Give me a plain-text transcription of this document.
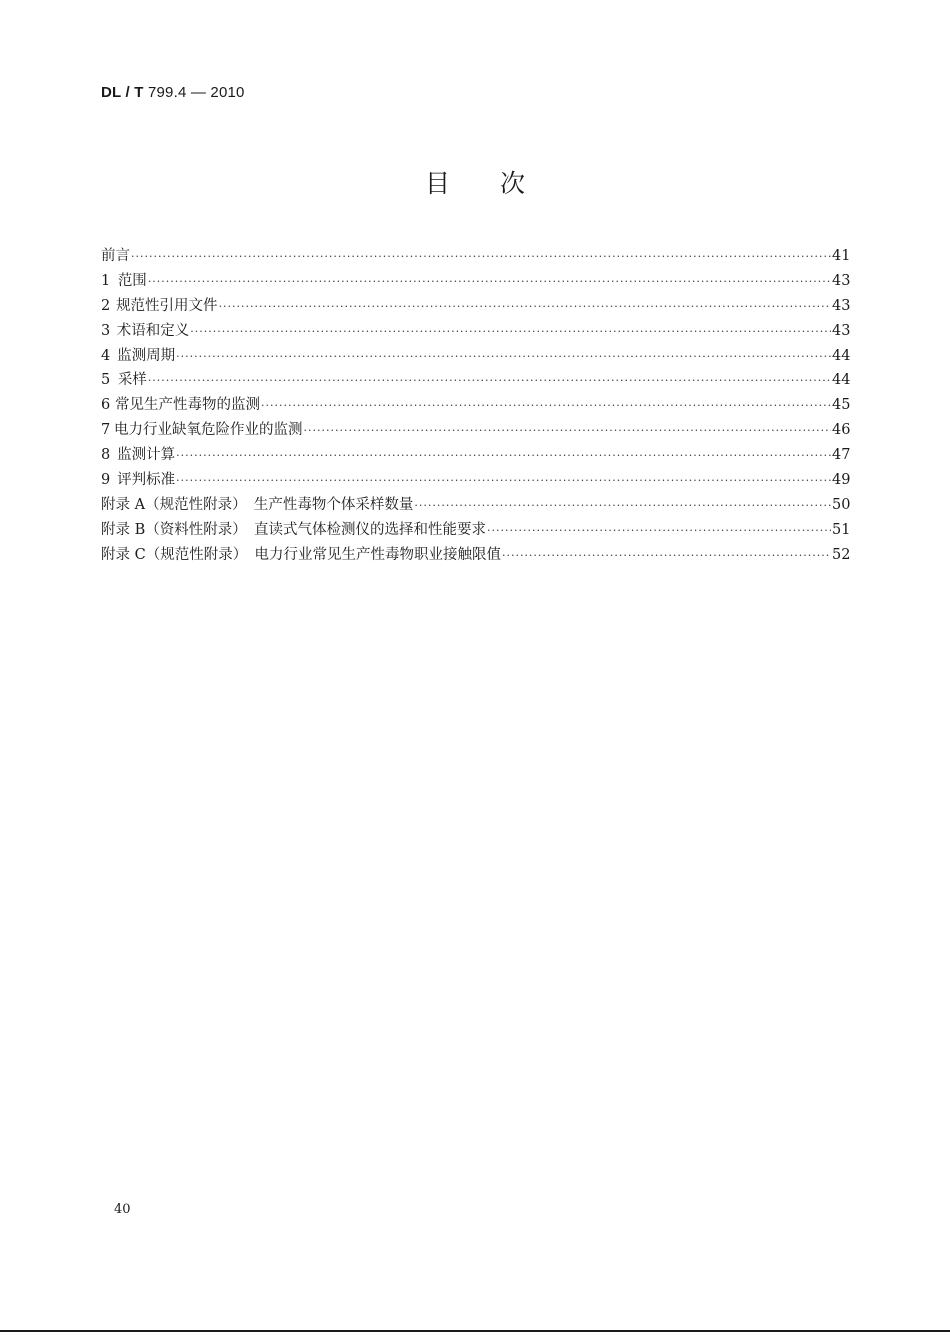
DL / T 799.4 — 2010
目　　次
前言 ·····	41
1 范围 ·····	43
2 规范性引用文件 ·····	43
3 术语和定义 ·····	43
4 监测周期 ·····	44
5 采样 ·····	44
6 常见生产性毒物的监测 ·····	45
7 电力行业缺氧危险作业的监测 ·····	46
8 监测计算 ·····	47
9 评判标准 ·····	49
附录 A（规范性附录）　生产性毒物个体采样数量 ·····	50
附录 B（资料性附录）　直读式气体检测仪的选择和性能要求 ·····	51
附录 C（规范性附录）　电力行业常见生产性毒物职业接触限值 ·····	52
40
